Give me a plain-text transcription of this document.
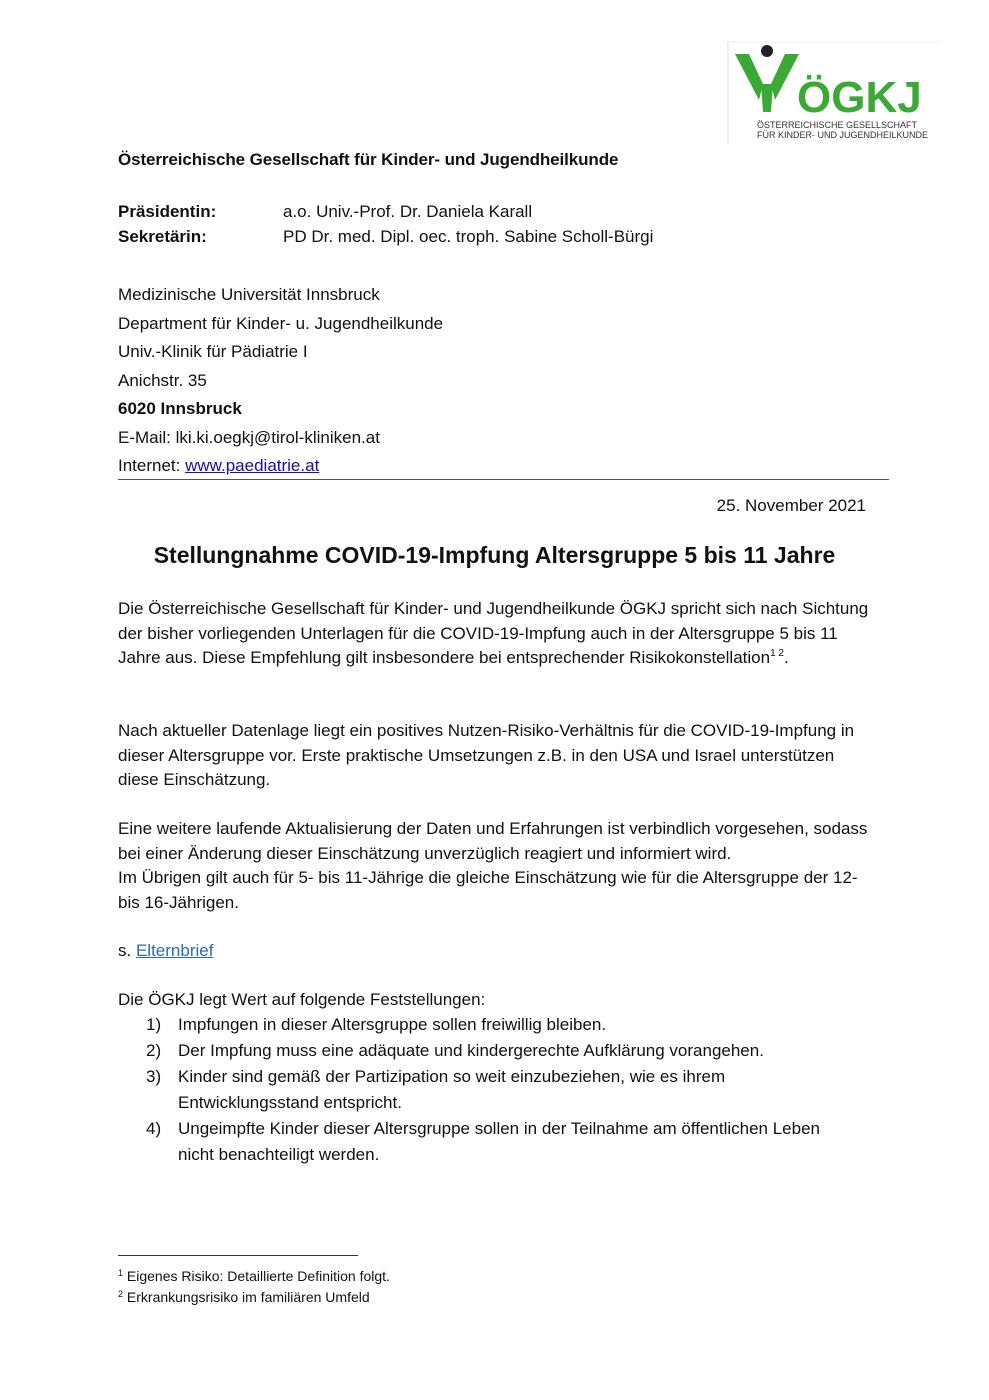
ÖGKJ
ÖSTERREICHISCHE GESELLSCHAFT
FÜR KINDER- UND JUGENDHEILKUNDE
Österreichische Gesellschaft für Kinder- und Jugendheilkunde
Präsidentin:	a.o. Univ.-Prof. Dr. Daniela Karall
Sekretärin:	PD Dr. med. Dipl. oec. troph. Sabine Scholl-Bürgi
Medizinische Universität Innsbruck
Department für Kinder- u. Jugendheilkunde
Univ.-Klinik für Pädiatrie I
Anichstr. 35
6020 Innsbruck
E-Mail: lki.ki.oegkj@tirol-kliniken.at
Internet: www.paediatrie.at
25. November 2021
Stellungnahme COVID-19-Impfung Altersgruppe 5 bis 11 Jahre
Die Österreichische Gesellschaft für Kinder- und Jugendheilkunde ÖGKJ spricht sich nach Sichtung der bisher vorliegenden Unterlagen für die COVID-19-Impfung auch in der Altersgruppe 5 bis 11 Jahre aus. Diese Empfehlung gilt insbesondere bei entsprechender Risikokonstellation$^{1 2}$.
Nach aktueller Datenlage liegt ein positives Nutzen-Risiko-Verhältnis für die COVID-19-Impfung in dieser Altersgruppe vor. Erste praktische Umsetzungen z.B. in den USA und Israel unterstützen diese Einschätzung.
Eine weitere laufende Aktualisierung der Daten und Erfahrungen ist verbindlich vorgesehen, sodass bei einer Änderung dieser Einschätzung unverzüglich reagiert und informiert wird.
Im Übrigen gilt auch für 5- bis 11-Jährige die gleiche Einschätzung wie für die Altersgruppe der 12- bis 16-Jährigen.
s. Elternbrief
Die ÖGKJ legt Wert auf folgende Feststellungen:
1) Impfungen in dieser Altersgruppe sollen freiwillig bleiben.
2) Der Impfung muss eine adäquate und kindergerechte Aufklärung vorangehen.
3) Kinder sind gemäß der Partizipation so weit einzubeziehen, wie es ihrem Entwicklungsstand entspricht.
4) Ungeimpfte Kinder dieser Altersgruppe sollen in der Teilnahme am öffentlichen Leben nicht benachteiligt werden.
$^1$ Eigenes Risiko: Detaillierte Definition folgt.
$^2$ Erkrankungsrisiko im familiären Umfeld
